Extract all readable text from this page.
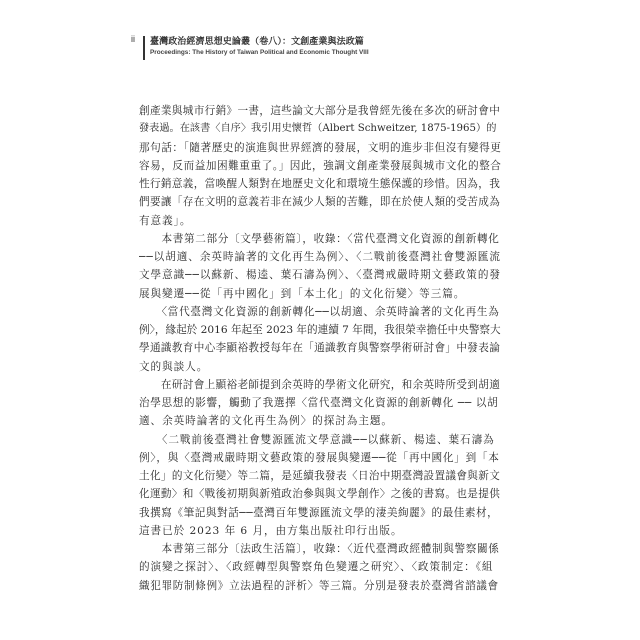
ii 臺灣政治經濟思想史論叢（卷八）：文創產業與法政篇
Proceedings: The History of Taiwan Political and Economic Thought VIII
創產業與城市行銷》一書，這些論文大部分是我曾經先後在多次的研討會中
發表過。在該書〈自序〉我引用史懷哲（Albert Schweitzer, 1875-1965）的
那句話：「隨著歷史的演進與世界經濟的發展，文明的進步非但沒有變得更
容易，反而益加困難重重了。」因此，強調文創產業發展與城市文化的整合
性行銷意義，當喚醒人類對在地歷史文化和環境生態保護的珍惜。因為，我
們要讓「存在文明的意義若非在減少人類的苦難，即在於使人類的受苦成為
有意義」。
　　本書第二部分〔文學藝術篇〕，收錄：〈當代臺灣文化資源的創新轉化
──以胡適、余英時論著的文化再生為例〉、〈二戰前後臺灣社會雙源匯流
文學意識──以蘇新、楊逵、葉石濤為例〉、〈臺灣戒嚴時期文藝政策的發
展與變遷──從「再中國化」到「本土化」的文化衍變〉等三篇。
　　〈當代臺灣文化資源的創新轉化──以胡適、余英時論著的文化再生為
例〉，緣起於 2016 年起至 2023 年的連續 7 年間，我很榮幸擔任中央警察大
學通識教育中心李顯裕教授每年在「通識教育與警察學術研討會」中發表論
文的與談人。
　　在研討會上顯裕老師提到余英時的學術文化研究，和余英時所受到胡適
治學思想的影響，觸動了我選擇〈當代臺灣文化資源的創新轉化 ── 以胡
適、余英時論著的文化再生為例〉的探討為主題。
　　〈二戰前後臺灣社會雙源匯流文學意識──以蘇新、楊逵、葉石濤為
例〉，與〈臺灣戒嚴時期文藝政策的發展與變遷──從「再中國化」到「本
土化」的文化衍變〉等二篇，是延續我發表〈日治中期臺灣設置議會與新文
化運動〉和〈戰後初期與新殖政治參與與文學創作〉之後的書寫。也是提供
我撰寫《筆記與對話──臺灣百年雙源匯流文學的淒美絢麗》的最佳素材，
這書已於 2023 年 6 月，由方集出版社印行出版。
　　本書第三部分〔法政生活篇〕，收錄：〈近代臺灣政經體制與警察關係
的演變之探討〉、〈政經轉型與警察角色變遷之研究〉、〈政策制定：《組
織犯罪防制條例》立法過程的評析〉等三篇。分別是發表於臺灣省諮議會
